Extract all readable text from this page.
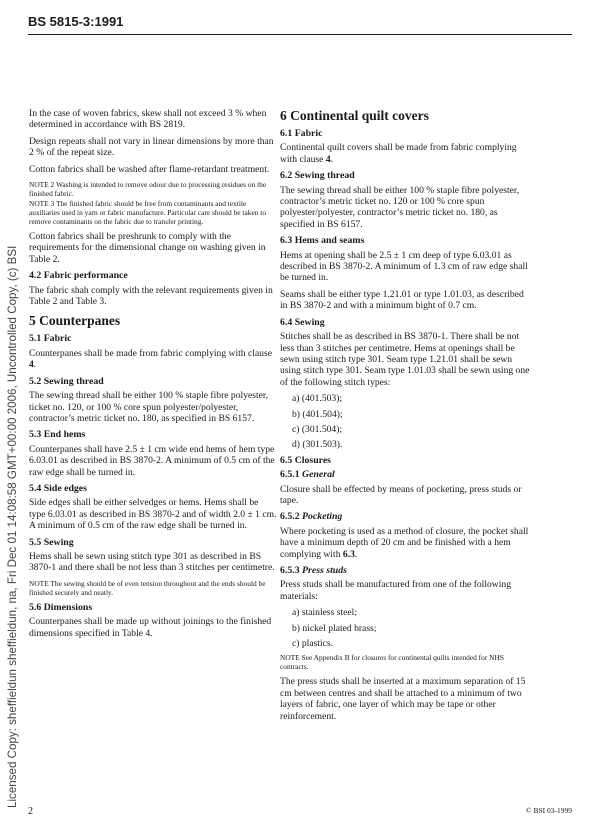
BS 5815-3:1991
Licensed Copy: sheffieldun sheffieldun, na, Fri Dec 01 14:08:58 GMT+00:00 2006, Uncontrolled Copy, (c) BSI

In the case of woven fabrics, skew shall not exceed 3 % when determined in accordance with BS 2819.

Design repeats shall not vary in linear dimensions by more than 2 % of the repeat size.

Cotton fabrics shall be washed after flame-retardant treatment.

NOTE 2 Washing is intended to remove odour due to processing residues on the finished fabric.
NOTE 3 The finished fabric should be free from contaminants and textile auxiliaries used in yarn or fabric manufacture. Particular care should be taken to remove contaminants on the fabric due to transfer printing.

Cotton fabrics shall be preshrunk to comply with the requirements for the dimensional change on washing given in Table 2.

4.2 Fabric performance

The fabric shah comply with the relevant requirements given in Table 2 and Table 3.

5 Counterpanes
5.1 Fabric

Counterpanes shall be made from fabric complying with clause 4.

5.2 Sewing thread

The sewing thread shall be either 100 % staple fibre polyester, ticket no. 120, or 100 % core spun polyester/polyester, contractor’s metric ticket no. 180, as specified in BS 6157.

5.3 End hems

Counterpanes shall have 2.5 ± 1 cm wide end hems of hem type 6.03.01 as described in BS 3870-2. A minimum of 0.5 cm of the raw edge shall be turned in.

5.4 Side edges

Side edges shall be either selvedges or hems. Hems shall be type 6.03.01 as described in BS 3870-2 and of width 2.0 ± 1 cm. A minimum of 0.5 cm of the raw edge shall be turned in.

5.5 Sewing

Hems shall be sewn using stitch type 301 as described in BS 3870-1 and there shall be not less than 3 stitches per centimetre.

NOTE The sewing should be of even tension throughout and the ends should be finished securely and neatly.
5.6 Dimensions

Counterpanes shall be made up without joinings to the finished dimensions specified in Table 4.

6 Continental quilt covers
6.1 Fabric

Continental quilt covers shall be made from fabric complying with clause 4.

6.2 Sewing thread

The sewing thread shall be either 100 % staple fibre polyester, contractor’s metric ticket no. 120 or 100 % core spun polyester/polyester, contractor’s metric ticket no. 180, as specified in BS 6157.

6.3 Hems and seams

Hems at opening shall be 2.5 ± 1 cm deep of type 6.03.01 as described in BS 3870-2. A minimum of 1.3 cm of raw edge shall be turned in.

Seams shall be either type 1.21.01 or type 1.01.03, as described in BS 3870-2 and with a minimum bight of 0.7 cm.

6.4 Sewing

Stitches shall be as described in BS 3870-1. There shall be not less than 3 stitches per centimetre. Hems at openings shall be sewn using stitch type 301. Seam type 1.21.01 shall be sewn using stitch type 301. Seam type 1.01.03 shall be sewn using one of the following stitch types:

a) (401.503);
b) (401.504);
c) (301.504);
d) (301.503).
6.5 Closures
6.5.1 General

Closure shall be effected by means of pocketing, press studs or tape.

6.5.2 Pocketing

Where pocketing is used as a method of closure, the pocket shall have a minimum depth of 20 cm and be finished with a hem complying with 6.3.

6.5.3 Press studs

Press studs shall be manufactured from one of the following materials:

a) stainless steel;
b) nickel plated brass;
c) plastics.
NOTE See Appendix B for closures for continental quilts intended for NHS contracts.

The press studs shall be inserted at a maximum separation of 15 cm between centres and shall be attached to a minimum of two layers of fabric, one layer of which may be tape or other reinforcement.

2	© BSI 03-1999
